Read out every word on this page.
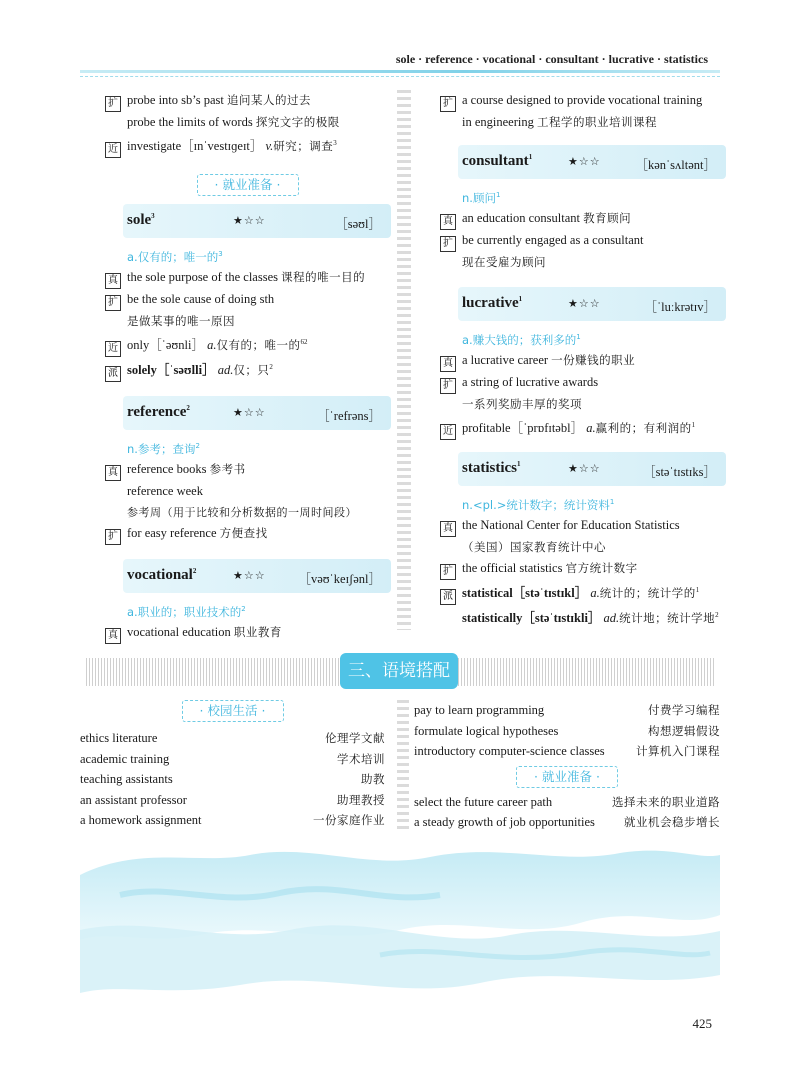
sole · reference · vocational · consultant · lucrative · statistics
扩 probe into sb’s past 追问某人的过去
probe the limits of words 探究文字的极限
近 investigate［ɪnˈvestɪɡeɪt］ v.研究；调查$^3$
· 就业准备 ·
sole$^3$	★☆☆	［səʊl］
a.仅有的；唯一的$^3$
真 the sole purpose of the classes 课程的唯一目的
扩 be the sole cause of doing sth
是做某事的唯一原因
近 only［ˈəʊnli］ a.仅有的；唯一的$^{62}$
派 solely［ˈsəʊlli］ ad.仅；只$^2$
reference$^2$	★☆☆	［ˈrefrəns］
n.参考；查询$^2$
真 reference books 参考书
reference week
参考周（用于比较和分析数据的一周时间段）
扩 for easy reference 方便查找
vocational$^2$	★☆☆	［vəʊˈkeɪʃənl］
a.职业的；职业技术的$^2$
真 vocational education 职业教育
扩 a course designed to provide vocational training
in engineering 工程学的职业培训课程
consultant$^1$	★☆☆	［kənˈsʌltənt］
n.顾问$^1$
真 an education consultant 教育顾问
扩 be currently engaged as a consultant
现在受雇为顾问
lucrative$^1$	★☆☆	［ˈluːkrətɪv］
a.赚大钱的；获利多的$^1$
真 a lucrative career 一份赚钱的职业
扩 a string of lucrative awards
一系列奖励丰厚的奖项
近 profitable［ˈprɒfɪtəbl］ a.赢利的；有利润的$^1$
statistics$^1$	★☆☆	［stəˈtɪstɪks］
n.<pl.>统计数字；统计资料$^1$
真 the National Center for Education Statistics
（美国）国家教育统计中心
扩 the official statistics 官方统计数字
派 statistical［stəˈtɪstɪkl］ a.统计的；统计学的$^1$
statistically［stəˈtɪstɪkli］ ad.统计地；统计学地$^2$
三、语境搭配
· 校园生活 ·
ethics literature	伦理学文献
academic training	学术培训
teaching assistants	助教
an assistant professor	助理教授
a homework assignment	一份家庭作业
pay to learn programming	付费学习编程
formulate logical hypotheses	构想逻辑假设
introductory computer-science classes	计算机入门课程
· 就业准备 ·
select the future career path	选择未来的职业道路
a steady growth of job opportunities	就业机会稳步增长
425
